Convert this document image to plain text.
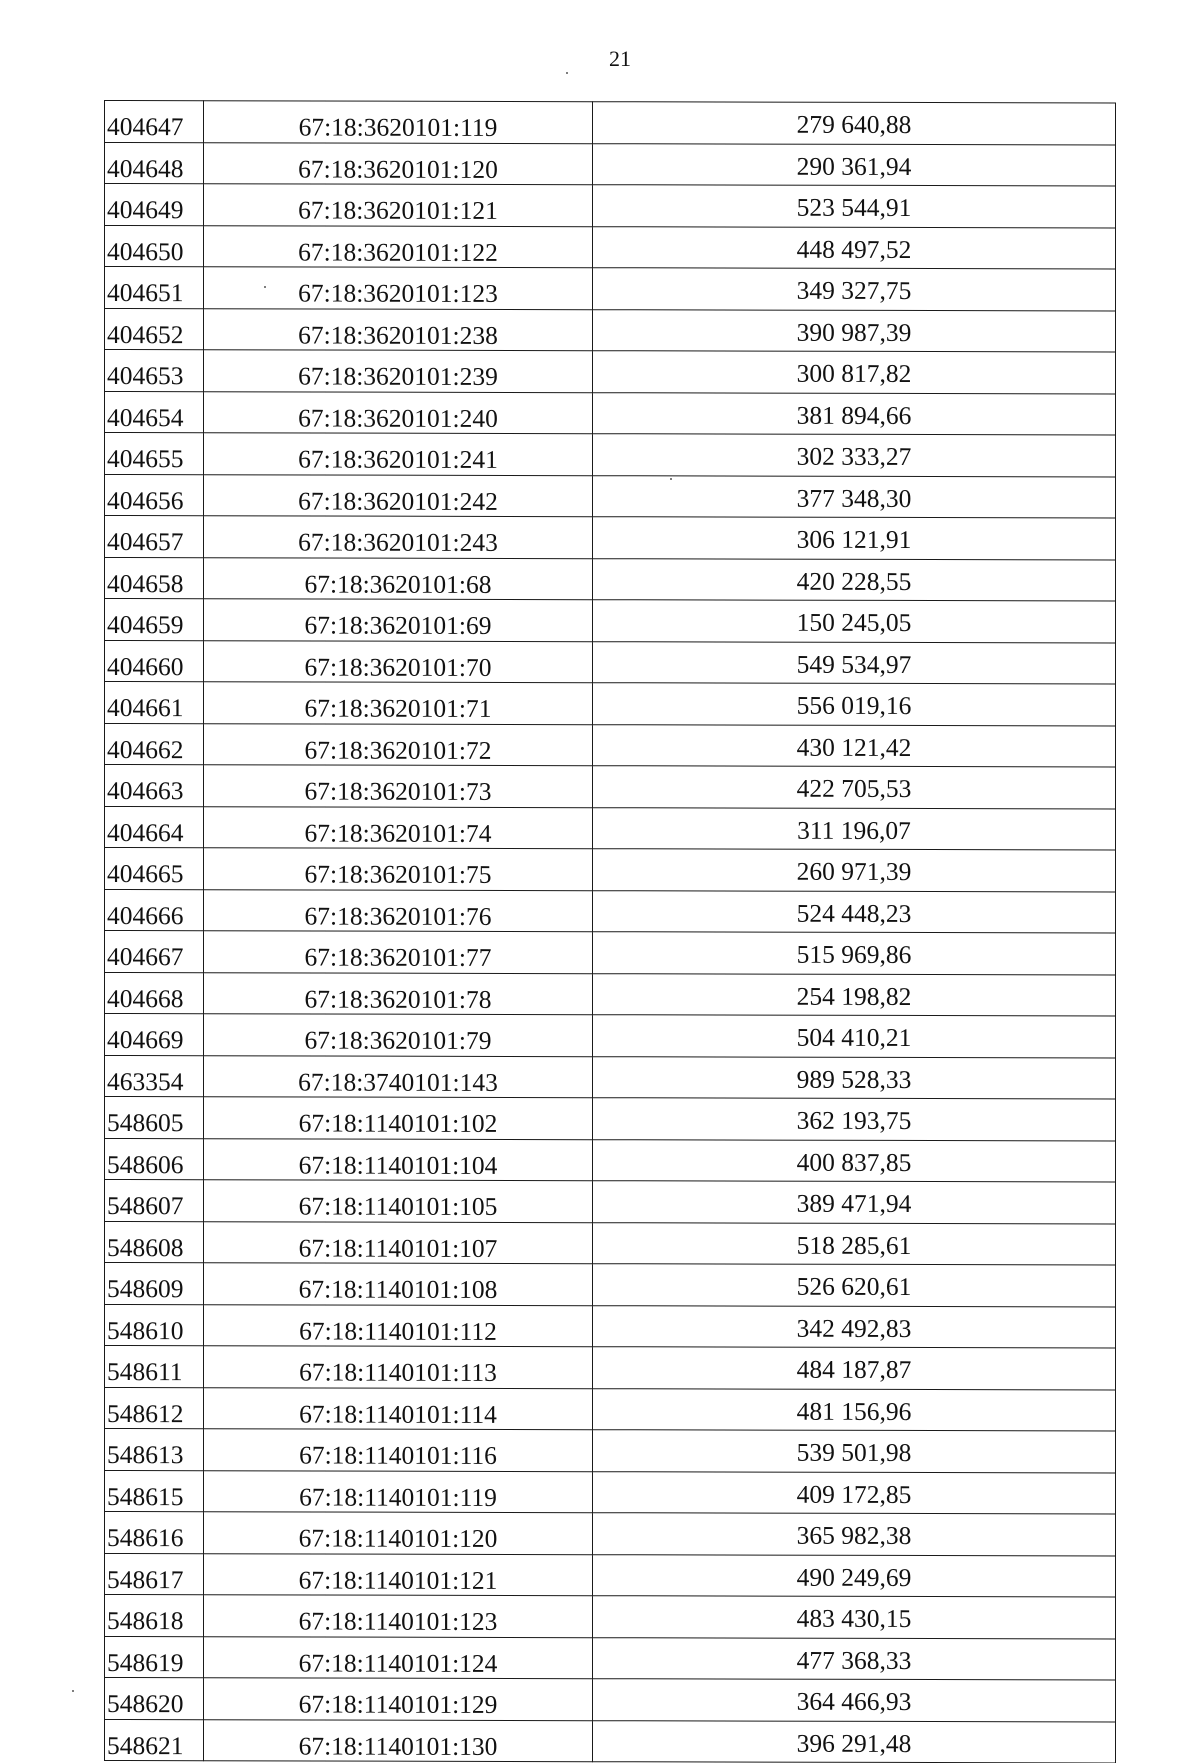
21
404647	67:18:3620101:119	279 640,88
404648	67:18:3620101:120	290 361,94
404649	67:18:3620101:121	523 544,91
404650	67:18:3620101:122	448 497,52
404651	67:18:3620101:123	349 327,75
404652	67:18:3620101:238	390 987,39
404653	67:18:3620101:239	300 817,82
404654	67:18:3620101:240	381 894,66
404655	67:18:3620101:241	302 333,27
404656	67:18:3620101:242	377 348,30
404657	67:18:3620101:243	306 121,91
404658	67:18:3620101:68	420 228,55
404659	67:18:3620101:69	150 245,05
404660	67:18:3620101:70	549 534,97
404661	67:18:3620101:71	556 019,16
404662	67:18:3620101:72	430 121,42
404663	67:18:3620101:73	422 705,53
404664	67:18:3620101:74	311 196,07
404665	67:18:3620101:75	260 971,39
404666	67:18:3620101:76	524 448,23
404667	67:18:3620101:77	515 969,86
404668	67:18:3620101:78	254 198,82
404669	67:18:3620101:79	504 410,21
463354	67:18:3740101:143	989 528,33
548605	67:18:1140101:102	362 193,75
548606	67:18:1140101:104	400 837,85
548607	67:18:1140101:105	389 471,94
548608	67:18:1140101:107	518 285,61
548609	67:18:1140101:108	526 620,61
548610	67:18:1140101:112	342 492,83
548611	67:18:1140101:113	484 187,87
548612	67:18:1140101:114	481 156,96
548613	67:18:1140101:116	539 501,98
548615	67:18:1140101:119	409 172,85
548616	67:18:1140101:120	365 982,38
548617	67:18:1140101:121	490 249,69
548618	67:18:1140101:123	483 430,15
548619	67:18:1140101:124	477 368,33
548620	67:18:1140101:129	364 466,93
548621	67:18:1140101:130	396 291,48
